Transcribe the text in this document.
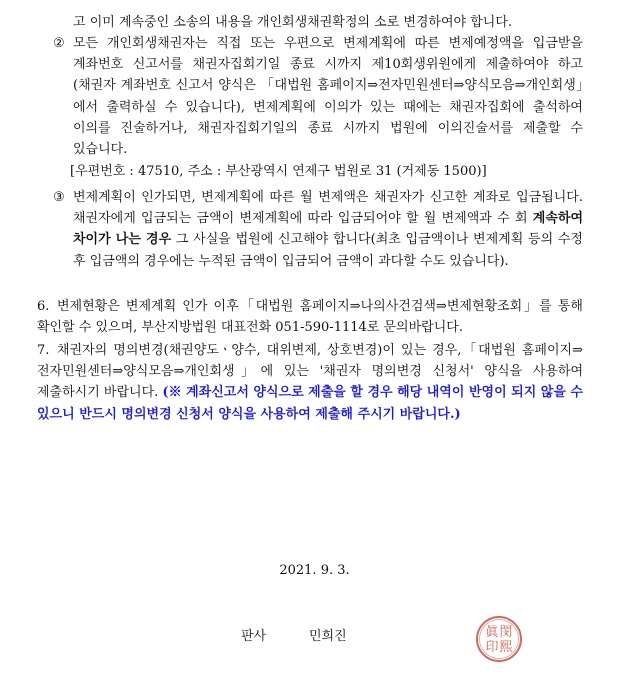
고 이미 계속중인 소송의 내용을 개인회생채권확정의 소로 변경하여야 합니다.

② 모든 개인회생채권자는 직접 또는 우편으로 변제계획에 따른 변제예정액을 입금받을 계좌번호 신고서를 채권자집회기일 종료 시까지 제10회생위원에게 제출하여야 하고(채권자 계좌번호 신고서 양식은 「대법원 홈페이지⇒전자민원센터⇒양식모음⇒개인회생」에서 출력하실 수 있습니다), 변제계획에 이의가 있는 때에는 채권자집회에 출석하여 이의를 진술하거나, 채권자집회기일의 종료 시까지 법원에 이의진술서를 제출할 수 있습니다.

[우편번호 : 47510, 주소 : 부산광역시 연제구 법원로 31 (거제동 1500)]

③ 변제계획이 인가되면, 변제계획에 따른 월 변제액은 채권자가 신고한 계좌로 입금됩니다. 채권자에게 입금되는 금액이 변제계획에 따라 입금되어야 할 월 변제액과 수 회 계속하여 차이가 나는 경우 그 사실을 법원에 신고해야 합니다(최초 입금액이나 변제계획 등의 수정 후 입금액의 경우에는 누적된 금액이 입금되어 금액이 과다할 수도 있습니다).

6. 변제현황은 변제계획 인가 이후「대법원 홈페이지⇒나의사건검색⇒변제현황조회」를 통해 확인할 수 있으며, 부산지방법원 대표전화 051-590-1114로 문의바랍니다.

7. 채권자의 명의변경(채권양도ㆍ양수, 대위변제, 상호변경)이 있는 경우,「대법원 홈페이지⇒전자민원센터⇒양식모음⇒개인회생」에 있는 '채권자 명의변경 신청서' 양식을 사용하여 제출하시기 바랍니다. (※ 계좌신고서 양식으로 제출을 할 경우 해당 내역이 반영이 되지 않을 수 있으니 반드시 명의변경 신청서 양식을 사용하여 제출해 주시기 바랍니다.)

2021. 9. 3.
판사	민희진	閔
熙
眞
印
